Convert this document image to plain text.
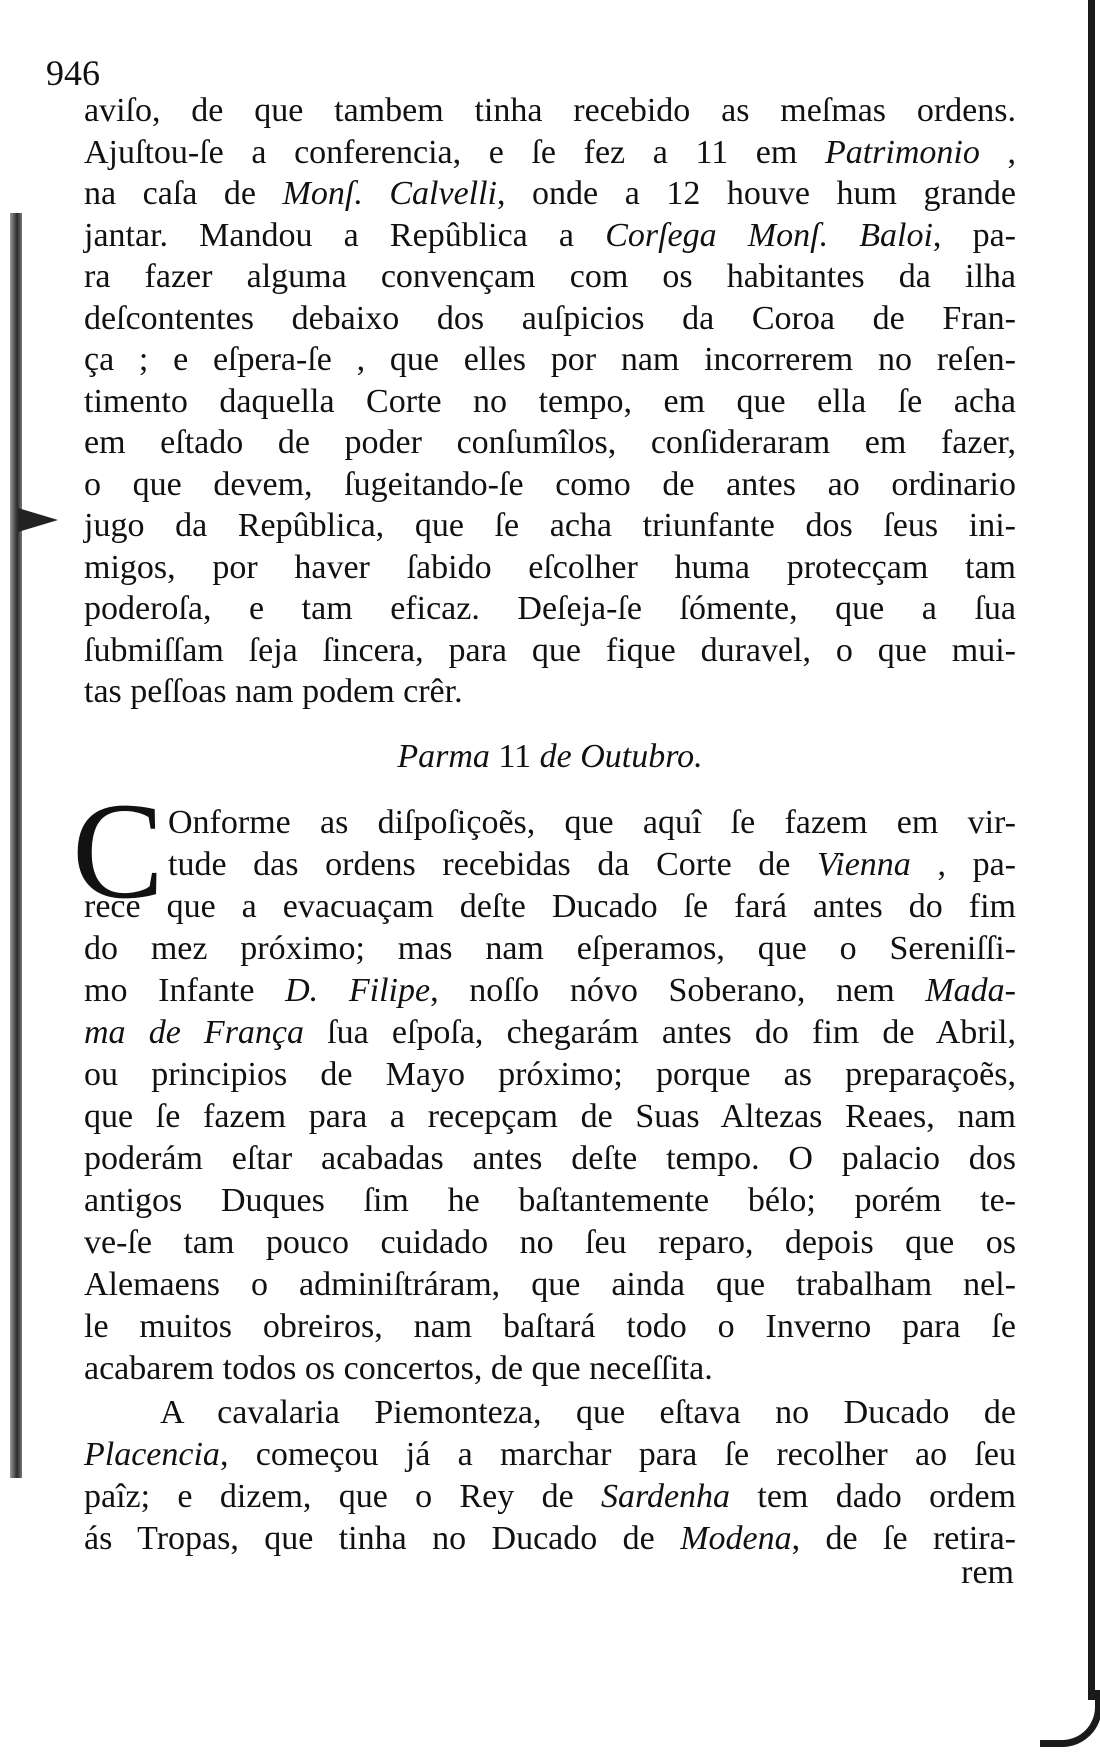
946
aviſo, de que tambem tinha recebido as meſmas ordens.
Ajuſtou-ſe a conferencia, e ſe fez a 11 em Patrimonio ,
na caſa de Monſ. Calvelli, onde a 12 houve hum grande
jantar. Mandou a Repûblica a Corſega Monſ. Baloi, pa-
ra fazer alguma convençam com os habitantes da ilha
deſcontentes debaixo dos auſpicios da Coroa de Fran-
ça ; e eſpera-ſe , que elles por nam incorrerem no reſen-
timento daquella Corte no tempo, em que ella ſe acha
em eſtado de poder conſumîlos, conſideraram em fazer,
o que devem, ſugeitando-ſe como de antes ao ordinario
jugo da Repûblica, que ſe acha triunfante dos ſeus ini-
migos, por haver ſabido eſcolher huma protecçam tam
poderoſa, e tam eficaz. Deſeja-ſe ſómente, que a ſua
ſubmiſſam ſeja ſincera, para que fique duravel, o que mui-
tas peſſoas nam podem crêr.
Parma 11 de Outubro.
C Onforme as diſpoſiçoẽs, que aquî ſe fazem em vir-
tude das ordens recebidas da Corte de Vienna , pa-
rece que a evacuaçam deſte Ducado ſe fará antes do fim
do mez próximo; mas nam eſperamos, que o Sereniſſi-
mo Infante D. Filipe, noſſo nóvo Soberano, nem Mada-
ma de França ſua eſpoſa, chegarám antes do fim de Abril,
ou principios de Mayo próximo; porque as preparaçoẽs,
que ſe fazem para a recepçam de Suas Altezas Reaes, nam
poderám eſtar acabadas antes deſte tempo. O palacio dos
antigos Duques ſim he baſtantemente bélo; porém te-
ve-ſe tam pouco cuidado no ſeu reparo, depois que os
Alemaens o adminiſtráram, que ainda que trabalham nel-
le muitos obreiros, nam baſtará todo o Inverno para ſe
acabarem todos os concertos, de que neceſſita.
A cavalaria Piemonteza, que eſtava no Ducado de
Placencia, começou já a marchar para ſe recolher ao ſeu
paîz; e dizem, que o Rey de Sardenha tem dado ordem
ás Tropas, que tinha no Ducado de Modena, de ſe retira-
rem
